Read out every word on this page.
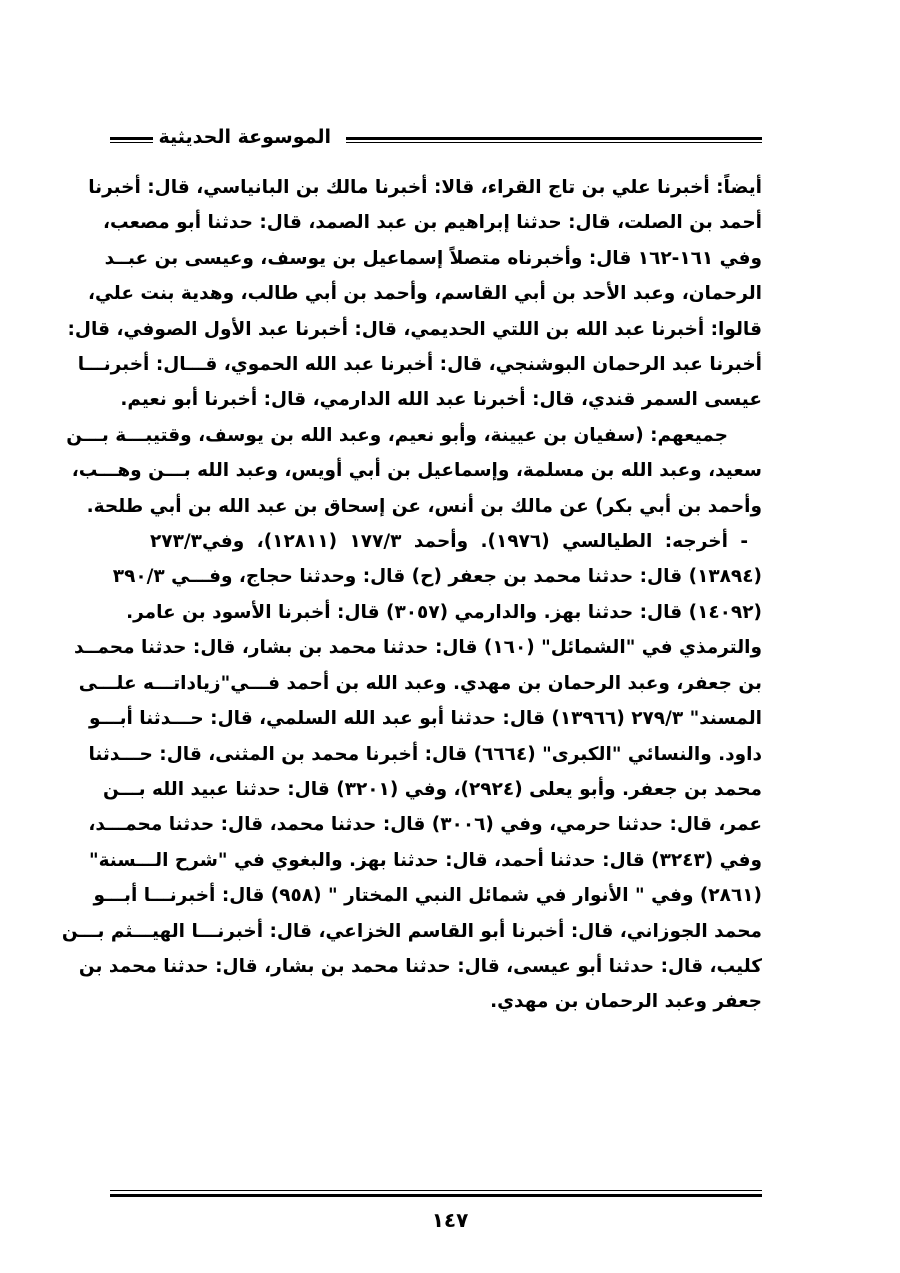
الموسوعة الحديثية
أيضاً: أخبرنا علي بن تاج القراء، قالا: أخبرنا مالك بن البانياسي، قال: أخبرنا
أحمد بن الصلت، قال: حدثنا إبراهيم بن عبد الصمد، قال: حدثنا أبو مصعب،
وفي ١٦١-١٦٢ قال: وأخبرناه متصلاً إسماعيل بن يوسف، وعيسى بن عبــد
الرحمان، وعبد الأحد بن أبي القاسم، وأحمد بن أبي طالب، وهدية بنت علي،
قالوا: أخبرنا عبد الله بن اللتي الحديمي، قال: أخبرنا عبد الأول الصوفي، قال:
أخبرنا عبد الرحمان البوشنجي، قال: أخبرنا عبد الله الحموي، قـــال: أخبرنـــا
عيسى السمر قندي، قال: أخبرنا عبد الله الدارمي، قال: أخبرنا أبو نعيم.
جميعهم: (سفيان بن عيينة، وأبو نعيم، وعبد الله بن يوسف، وقتيبـــة بـــن
سعيد، وعبد الله بن مسلمة، وإسماعيل بن أبي أويس، وعبد الله بـــن وهـــب،
وأحمد بن أبي بكر) عن مالك بن أنس، عن إسحاق بن عبد الله بن أبي طلحة.
- أخرجه: الطيالسي (١٩٧٦). وأحمد ١٧٧/٣ (١٢٨١١)، وفي٢٧٣/٣
(١٣٨٩٤) قال: حدثنا محمد بن جعفر (ح) قال: وحدثنا حجاج، وفـــي ٣٩٠/٣
(١٤٠٩٢) قال: حدثنا بهز. والدارمي (٣٠٥٧) قال: أخبرنا الأسود بن عامر.
والترمذي في "الشمائل" (١٦٠) قال: حدثنا محمد بن بشار، قال: حدثنا محمــد
بن جعفر، وعبد الرحمان بن مهدي. وعبد الله بن أحمد فـــي"زياداتـــه علـــى
المسند" ٢٧٩/٣ (١٣٩٦٦) قال: حدثنا أبو عبد الله السلمي، قال: حـــدثنا أبـــو
داود. والنسائي "الكبرى" (٦٦٦٤) قال: أخبرنا محمد بن المثنى، قال: حـــدثنا
محمد بن جعفر. وأبو يعلى (٢٩٢٤)، وفي (٣٢٠١) قال: حدثنا عبيد الله بـــن
عمر، قال: حدثنا حرمي، وفي (٣٠٠٦) قال: حدثنا محمد، قال: حدثنا محمـــد،
وفي (٣٢٤٣) قال: حدثنا أحمد، قال: حدثنا بهز. والبغوي في "شرح الـــسنة"
(٢٨٦١) وفي " الأنوار في شمائل النبي المختار " (٩٥٨) قال: أخبرنـــا أبـــو
محمد الجوزاني، قال: أخبرنا أبو القاسم الخزاعي، قال: أخبرنـــا الهيـــثم بـــن
كليب، قال: حدثنا أبو عيسى، قال: حدثنا محمد بن بشار، قال: حدثنا محمد بن
جعفر وعبد الرحمان بن مهدي.
١٤٧
